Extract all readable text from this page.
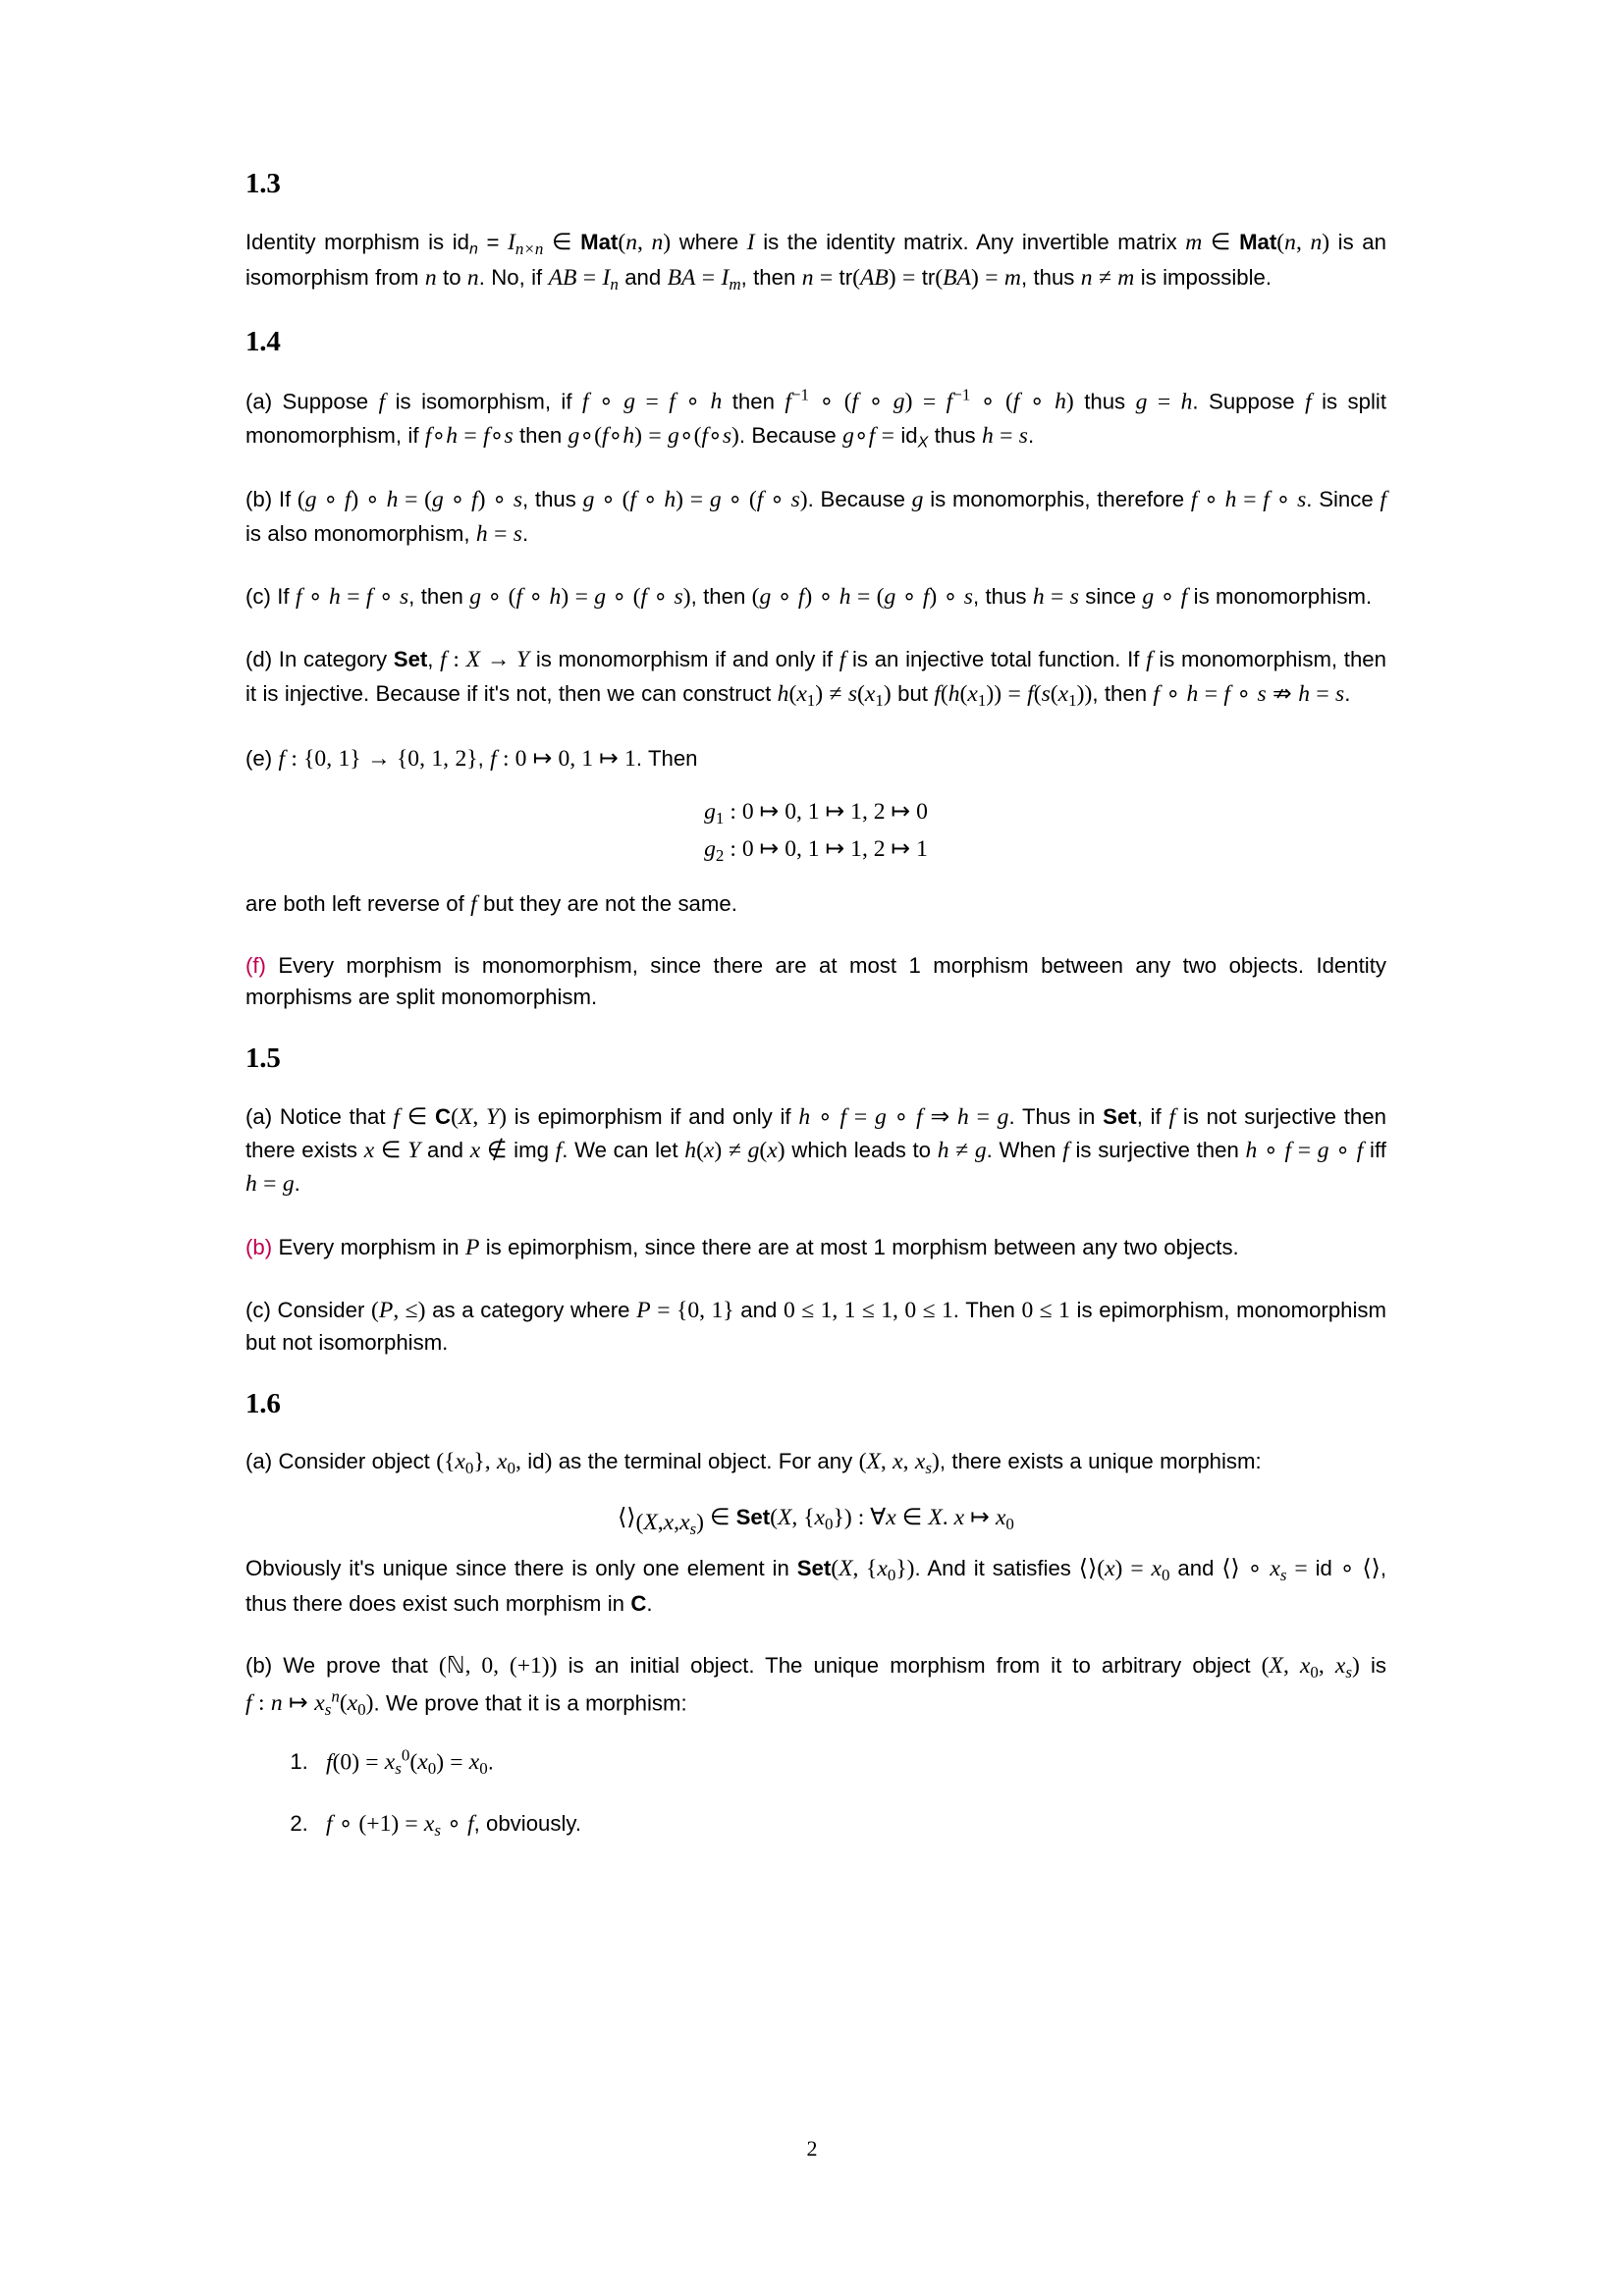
1.3

Identity morphism is $id_n = I_{n\times n}$ ∈ Mat(n, n) where I is the identity matrix. Any invertible matrix m ∈ Mat(n, n) is an isomorphism from n to n. No, if AB = $I_n$ and BA = $I_m$, then n = tr(AB) = tr(BA) = m, thus n ≠ m is impossible.

1.4

(a) Suppose f is isomorphism, if f ∘ g = f ∘ h then $f^{-1}$ ∘ (f ∘ $g) = f^{-1}$ ∘ (f ∘ h) thus g = h. Suppose f is split monomorphism, if f∘h = f∘s then g∘(f∘h) = g∘(f∘s). Because g∘f = $id_X$ thus h = s.

(b) If (g ∘ f) ∘ h = (g ∘ f) ∘ s, thus g ∘ (f ∘ h) = g ∘ (f ∘ s). Because g is monomorphis, therefore f ∘ h = f ∘ s. Since f is also monomorphism, h = s.

(c) If f ∘ h = f ∘ s, then g ∘ (f ∘ h) = g ∘ (f ∘ s), then (g ∘ f) ∘ h = (g ∘ f) ∘ s, thus h = s since g ∘ f is monomorphism.

(d) In category Set, f : X → Y is monomorphism if and only if f is an injective total function. If f is monomorphism, then it is injective. Because if it's not, then we can construct $h(x_1) \ne s(x_1)$ but $f(h(x_1)) = f(s(x_1))$, then f ∘ h = f ∘ s ⇏ h = s.

(e) f : {0, 1} → {0, 1, 2}, f : 0 ↦ 0, 1 ↦ 1. Then

$g_1$ : 0 ↦ 0, 1 ↦ 1, 2 ↦ 0
$g_2$ : 0 ↦ 0, 1 ↦ 1, 2 ↦ 1

are both left reverse of f but they are not the same.

(f) Every morphism is monomorphism, since there are at most 1 morphism between any two objects. Identity morphisms are split monomorphism.

1.5

(a) Notice that f ∈ C(X, Y) is epimorphism if and only if h ∘ f = g ∘ f ⇒ h = g. Thus in Set, if f is not surjective then there exists x ∈ Y and x ∉ img f. We can let h(x) ≠ g(x) which leads to h ≠ g. When f is surjective then h ∘ f = g ∘ f iff h = g.

(b) Every morphism in P is epimorphism, since there are at most 1 morphism between any two objects.

(c) Consider (P, ≤) as a category where P = {0, 1} and 0 ≤ 1, 1 ≤ 1, 0 ≤ 1. Then 0 ≤ 1 is epimorphism, monomorphism but not isomorphism.

1.6

(a) Consider object ($\{x_0\}$, $x_0$, id) as the terminal object. For any (X, x, $x_s$), there exists a unique morphism:

$⟨⟩_{(X,x,x_s)}$ ∈ Set(X, $\{x_0\}$) : ∀x ∈ X. x ↦ $x_0$

Obviously it's unique since there is only one element in Set(X, $\{x_0\}$). And it satisfies ⟨⟩(x) = $x_0$ and ⟨⟩ ∘ $x_s$ = id ∘ ⟨⟩, thus there does exist such morphism in C.

(b) We prove that (ℕ, 0, (+1)) is an initial object. The unique morphism from it to arbitrary object (X, $x_0$, $x_s$) is f : n ↦ $x_s^n(x_0)$. We prove that it is a morphism:

1. $f(0) = x_s^0(x_0) = x_0$.
2. f ∘ $(+1) = x_s$ ∘ f, obviously.
2
